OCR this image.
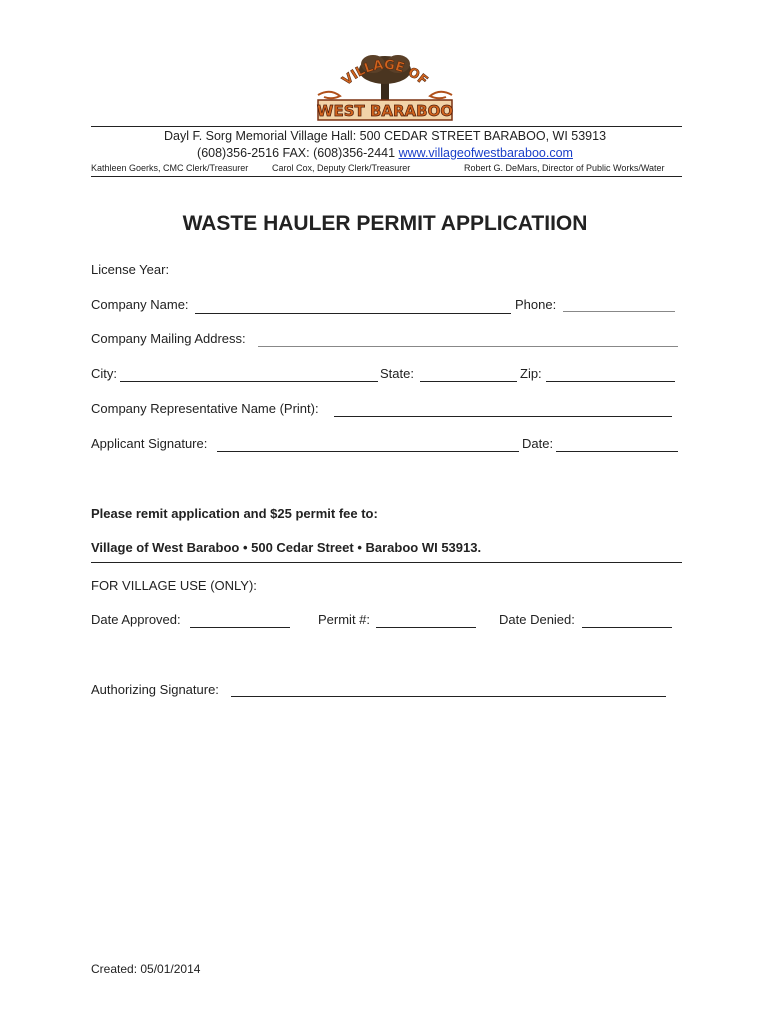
VILLAGE OF
WEST BARABOO
Dayl F. Sorg Memorial Village Hall: 500 CEDAR STREET BARABOO, WI 53913
(608)356-2516 FAX: (608)356-2441 www.villageofwestbaraboo.com
Kathleen Goerks, CMC Clerk/Treasurer	Carol Cox, Deputy Clerk/Treasurer	Robert G. DeMars, Director of Public Works/Water
WASTE HAULER PERMIT APPLICATIION
License Year:
Company Name:	Phone:
Company Mailing Address:
City:	State:	Zip:
Company Representative Name (Print):
Applicant Signature:	Date:
Please remit application and $25 permit fee to:
Village of West Baraboo • 500 Cedar Street • Baraboo WI 53913.
FOR VILLAGE USE (ONLY):
Date Approved:	Permit #:	Date Denied:
Authorizing Signature:
Created: 05/01/2014
